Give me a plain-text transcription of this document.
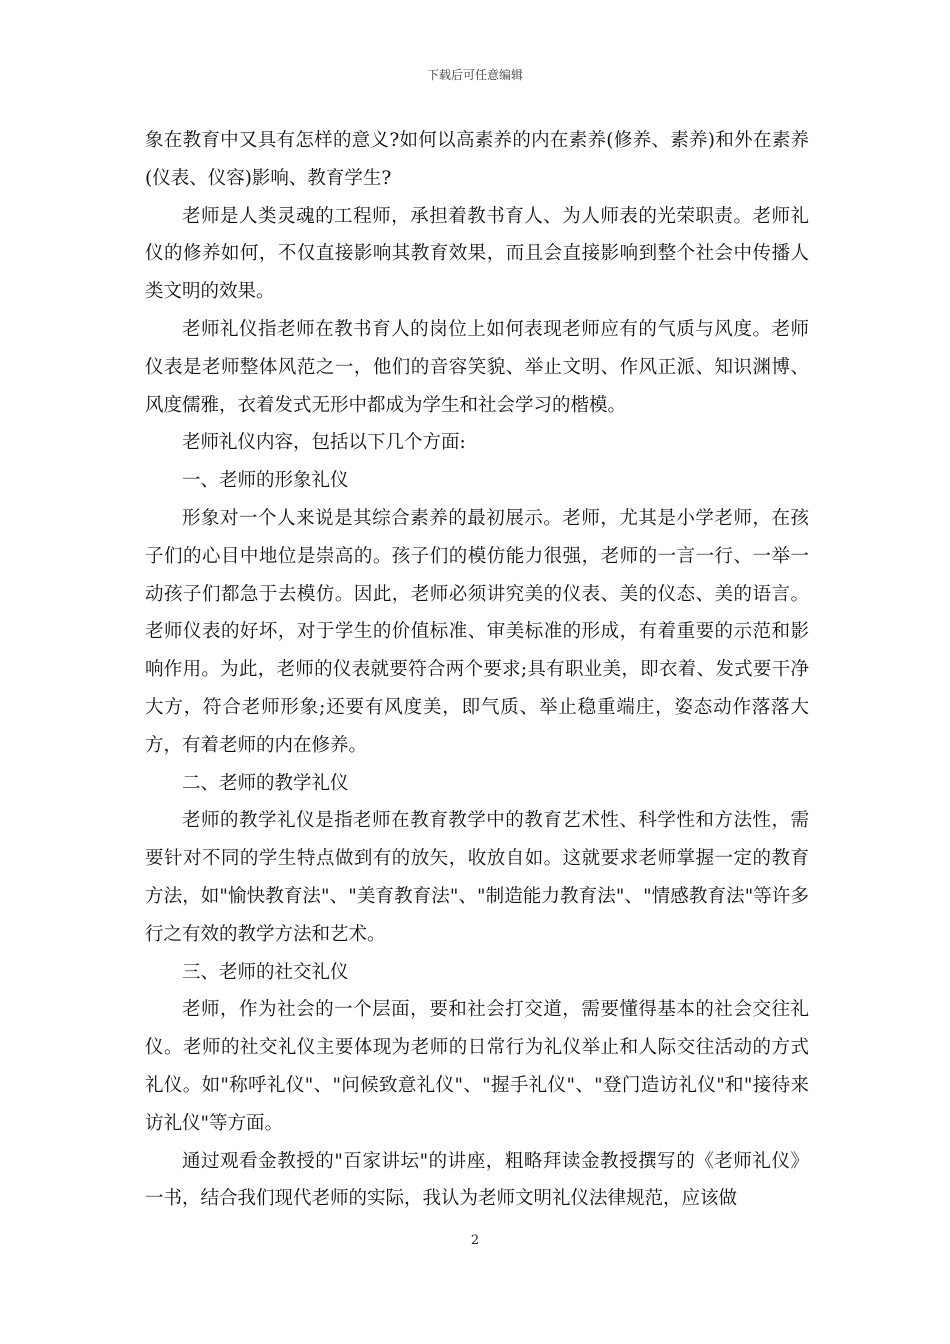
下载后可任意编辑

象在教育中又具有怎样的意义?如何以高素养的内在素养(修养、素养)和外在素养(仪表、仪容)影响、教育学生?

老师是人类灵魂的工程师，承担着教书育人、为人师表的光荣职责。老师礼仪的修养如何，不仅直接影响其教育效果，而且会直接影响到整个社会中传播人类文明的效果。

老师礼仪指老师在教书育人的岗位上如何表现老师应有的气质与风度。老师仪表是老师整体风范之一，他们的音容笑貌、举止文明、作风正派、知识渊博、风度儒雅，衣着发式无形中都成为学生和社会学习的楷模。

老师礼仪内容，包括以下几个方面:

一、老师的形象礼仪

形象对一个人来说是其综合素养的最初展示。老师，尤其是小学老师，在孩子们的心目中地位是崇高的。孩子们的模仿能力很强，老师的一言一行、一举一动孩子们都急于去模仿。因此，老师必须讲究美的仪表、美的仪态、美的语言。老师仪表的好坏，对于学生的价值标准、审美标准的形成，有着重要的示范和影响作用。为此，老师的仪表就要符合两个要求;具有职业美，即衣着、发式要干净大方，符合老师形象;还要有风度美，即气质、举止稳重端庄，姿态动作落落大方，有着老师的内在修养。

二、老师的教学礼仪

老师的教学礼仪是指老师在教育教学中的教育艺术性、科学性和方法性，需要针对不同的学生特点做到有的放矢，收放自如。这就要求老师掌握一定的教育方法，如"愉快教育法"、"美育教育法"、"制造能力教育法"、"情感教育法"等许多行之有效的教学方法和艺术。

三、老师的社交礼仪

老师，作为社会的一个层面，要和社会打交道，需要懂得基本的社会交往礼仪。老师的社交礼仪主要体现为老师的日常行为礼仪举止和人际交往活动的方式礼仪。如"称呼礼仪"、"问候致意礼仪"、"握手礼仪"、"登门造访礼仪"和"接待来访礼仪"等方面。

通过观看金教授的"百家讲坛"的讲座，粗略拜读金教授撰写的《老师礼仪》一书，结合我们现代老师的实际，我认为老师文明礼仪法律规范，应该做

2
